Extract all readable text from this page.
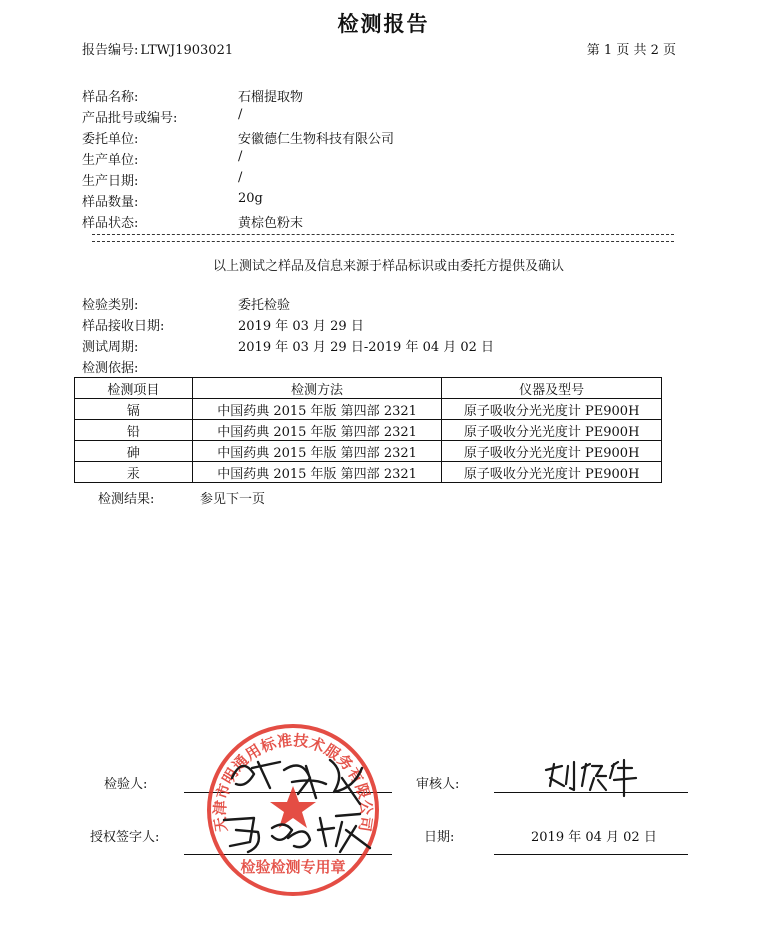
检测报告
报告编号: LTWJ1903021	第 1 页 共 2 页
样品名称:	石榴提取物
产品批号或编号:	/
委托单位:	安徽德仁生物科技有限公司
生产单位:	/
生产日期:	/
样品数量:	20g
样品状态:	黄棕色粉末
以上测试之样品及信息来源于样品标识或由委托方提供及确认
检验类别:	委托检验
样品接收日期:	2019 年 03 月 29 日
测试周期:	2019 年 03 月 29 日-2019 年 04 月 02 日
检测依据:
检测项目	检测方法	仪器及型号
镉	中国药典 2015 年版 第四部 2321	原子吸收分光光度计 PE900H
铅	中国药典 2015 年版 第四部 2321	原子吸收分光光度计 PE900H
砷	中国药典 2015 年版 第四部 2321	原子吸收分光光度计 PE900H
汞	中国药典 2015 年版 第四部 2321	原子吸收分光光度计 PE900H
检测结果:	参见下一页
检验人:	审核人:
授权签字人:	日期:	2019 年 04 月 02 日
天津市明通用标准技术服务有限公司
检验检测专用章
